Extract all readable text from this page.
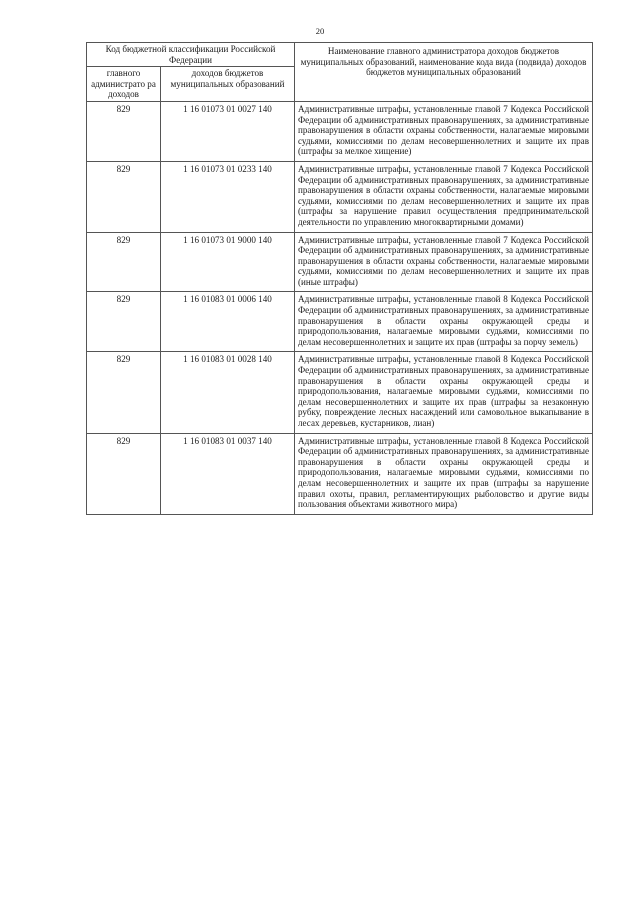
20
Код бюджетной классификации Российской Федерации		Наименование главного администратора доходов бюджетов муниципальных образований, наименование кода вида (подвида) доходов бюджетов муниципальных образований
главного администрато ра доходов	доходов бюджетов муниципальных образований	
829	1 16 01073 01 0027 140	Административные штрафы, установленные главой 7 Кодекса Российской Федерации об административных правонарушениях, за административные правонарушения в области охраны собственности, налагаемые мировыми судьями, комиссиями по делам несовершеннолетних и защите их прав (штрафы за мелкое хищение)
829	1 16 01073 01 0233 140	Административные штрафы, установленные главой 7 Кодекса Российской Федерации об административных правонарушениях, за административные правонарушения в области охраны собственности, налагаемые мировыми судьями, комиссиями по делам несовершеннолетних и защите их прав (штрафы за нарушение правил осуществления предпринимательской деятельности по управлению многоквартирными домами)
829	1 16 01073 01 9000 140	Административные штрафы, установленные главой 7 Кодекса Российской Федерации об административных правонарушениях, за административные правонарушения в области охраны собственности, налагаемые мировыми судьями, комиссиями по делам несовершеннолетних и защите их прав (иные штрафы)
829	1 16 01083 01 0006 140	Административные штрафы, установленные главой 8 Кодекса Российской Федерации об административных правонарушениях, за административные правонарушения в области охраны окружающей среды и природопользования, налагаемые мировыми судьями, комиссиями по делам несовершеннолетних и защите их прав (штрафы за порчу земель)
829	1 16 01083 01 0028 140	Административные штрафы, установленные главой 8 Кодекса Российской Федерации об административных правонарушениях, за административные правонарушения в области охраны окружающей среды и природопользования, налагаемые мировыми судьями, комиссиями по делам несовершеннолетних и защите их прав (штрафы за незаконную рубку, повреждение лесных насаждений или самовольное выкапывание в лесах деревьев, кустарников, лиан)
829	1 16 01083 01 0037 140	Административные штрафы, установленные главой 8 Кодекса Российской Федерации об административных правонарушениях, за административные правонарушения в области охраны окружающей среды и природопользования, налагаемые мировыми судьями, комиссиями по делам несовершеннолетних и защите их прав (штрафы за нарушение правил охоты, правил, регламентирующих рыболовство и другие виды пользования объектами животного мира)
